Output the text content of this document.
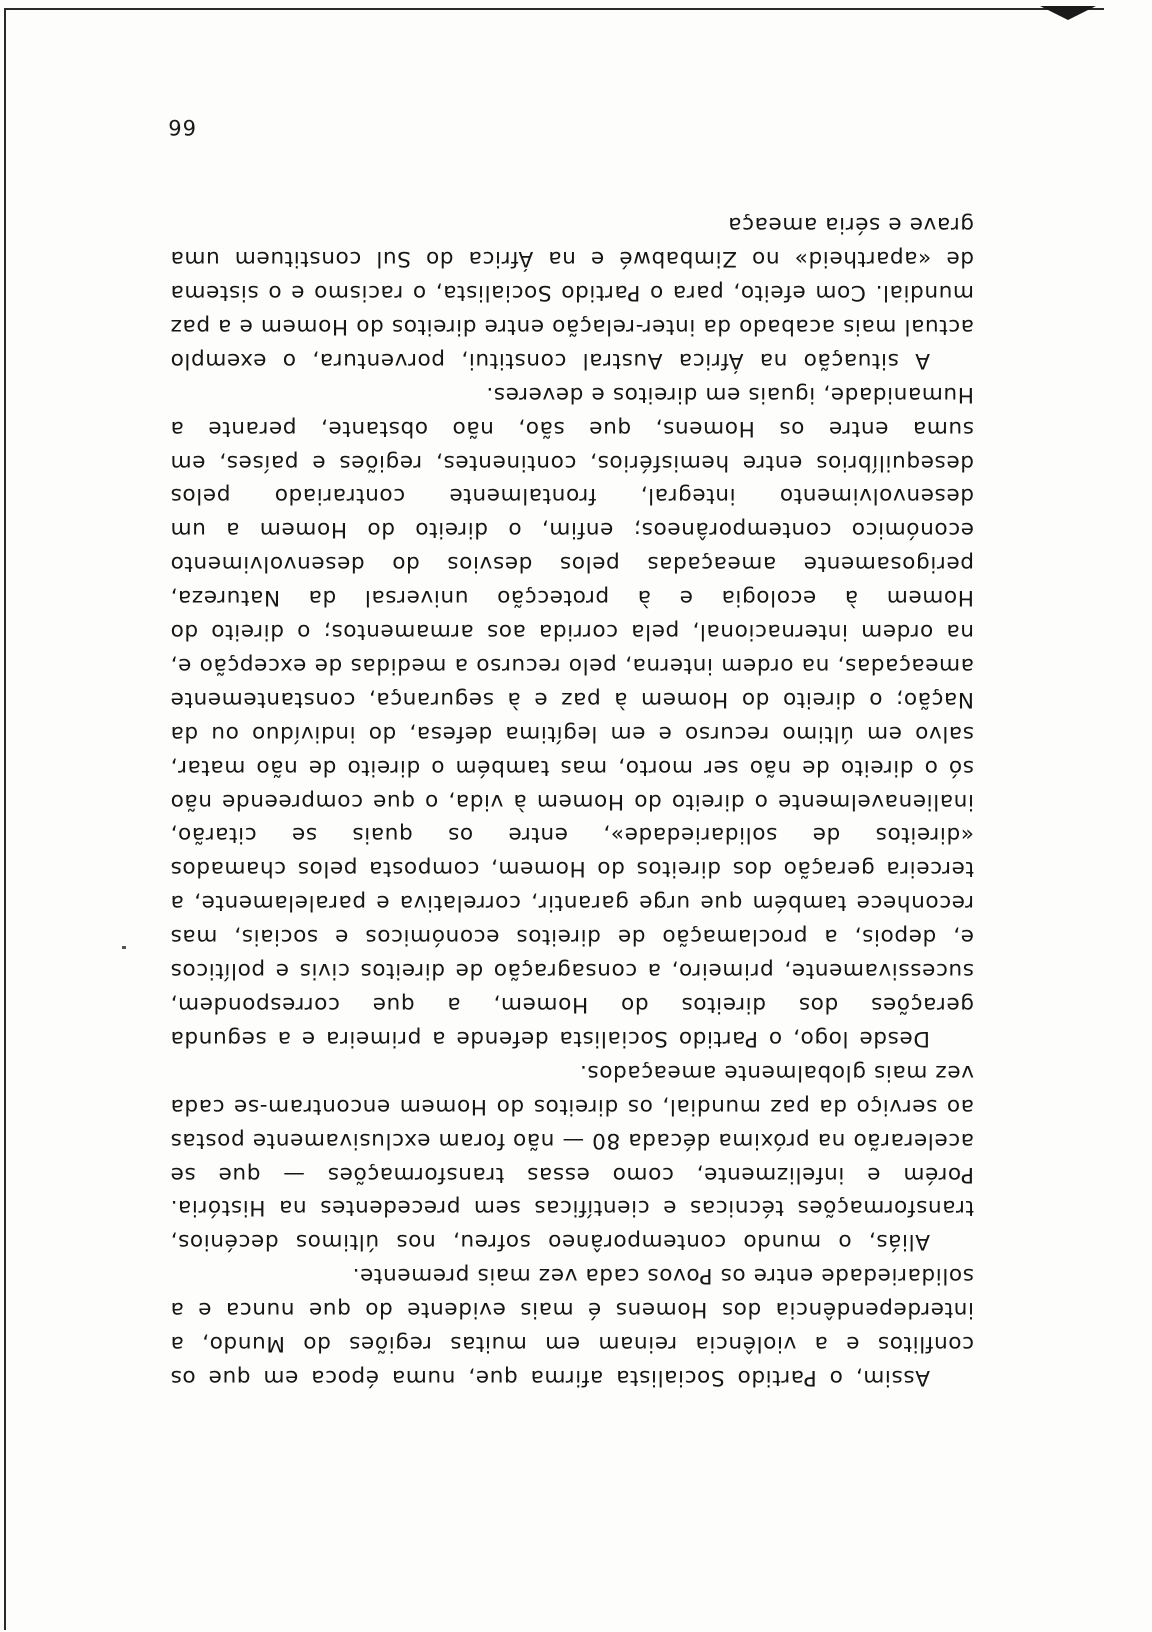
Assim, o Partido Socialista afirma que, numa época em que os conflitos e a violência reinam em muitas regiões do Mundo, a interdependência dos Homens é mais evidente do que nunca e a solidariedade entre os Povos cada vez mais premente.

Aliás, o mundo contemporâneo sofreu, nos últimos decénios, transformações técnicas e científicas sem precedentes na História. Porém e infelizmente, como essas transformações — que se acelerarão na próxima década 80 — não foram exclusivamente postas ao serviço da paz mundial, os direitos do Homem encontram-se cada vez mais globalmente ameaçados.

Desde logo, o Partido Socialista defende a primeira e a segunda gerações dos direitos do Homem, a que correspondem, sucessivamente, primeiro, a consagração de direitos civis e políticos e, depois, a proclamação de direitos económicos e sociais, mas reconhece também que urge garantir, correlativa e paralelamente, a terceira geração dos direitos do Homem, composta pelos chamados «direitos de solidariedade», entre os quais se citarão, inalienavelmente o direito do Homem à vida, o que compreende não só o direito de não ser morto, mas também o direito de não matar, salvo em último recurso e em legítima defesa, do indivíduo ou da Nação; o direito do Homem à paz e à segurança, constantemente ameaçadas, na ordem interna, pelo recurso a medidas de excepção e, na ordem internacional, pela corrida aos armamentos; o direito do Homem à ecologia e à protecção universal da Natureza, perigosamente ameaçadas pelos desvios do desenvolvimento económico contemporâneos; enfim, o direito do Homem a um desenvolvimento integral, frontalmente contrariado pelos desequilíbrios entre hemisférios, continentes, regiões e países, em suma entre os Homens, que são, não obstante, perante a Humanidade, iguais em direitos e deveres.

A situação na África Austral constitui, porventura, o exemplo actual mais acabado da inter-relação entre direitos do Homem e a paz mundial. Com efeito, para o Partido Socialista, o racismo e o sistema de «apartheid» no Zimbabwé e na África do Sul constituem uma grave e séria ameaça

66
